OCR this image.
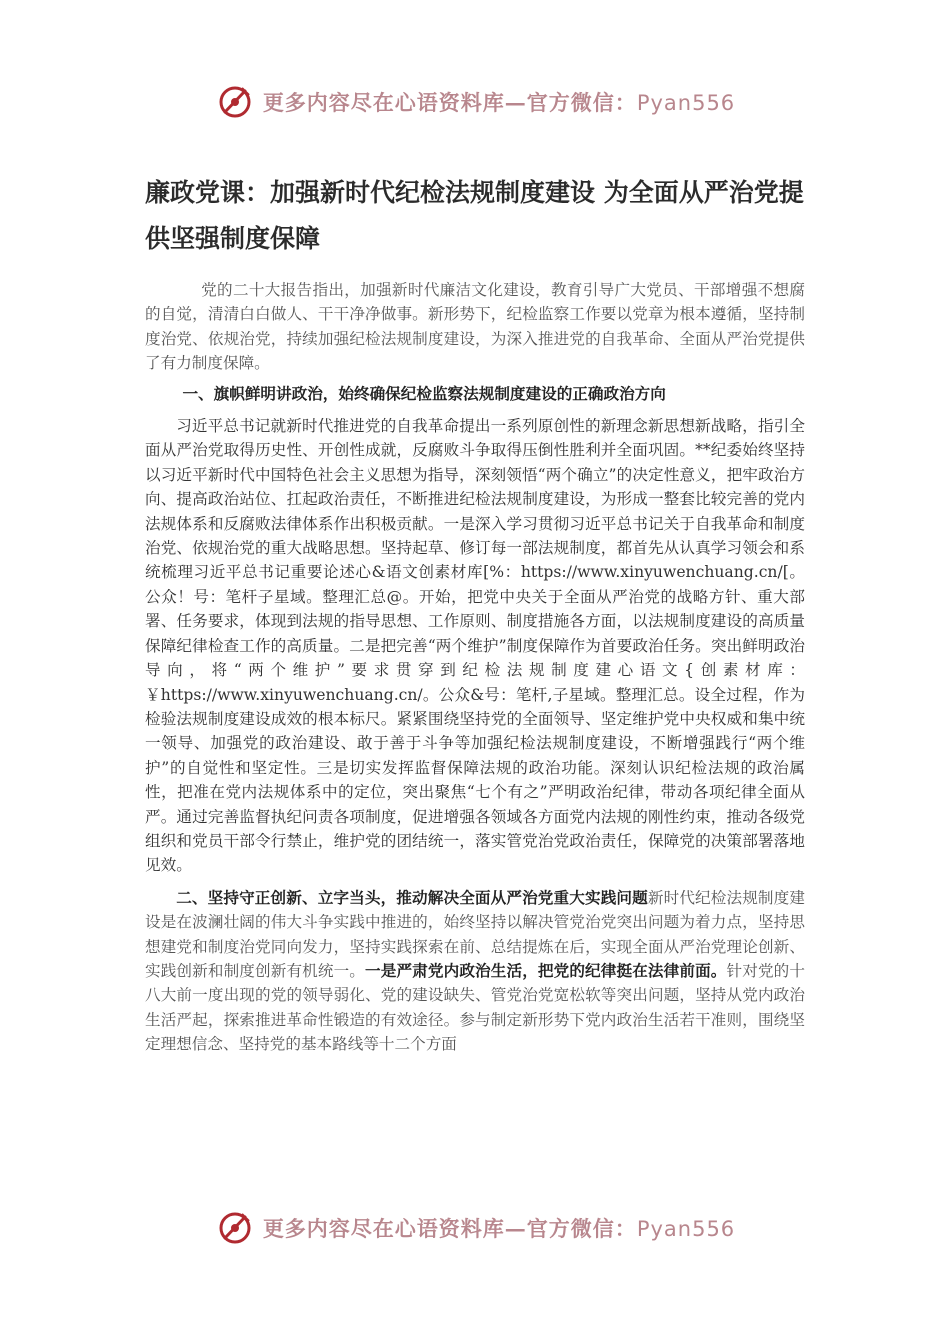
更多内容尽在心语资料库—官方微信：Pyan556
廉政党课：加强新时代纪检法规制度建设 为全面从严治党提供坚强制度保障

党的二十大报告指出，加强新时代廉洁文化建设，教育引导广大党员、干部增强不想腐的自觉，清清白白做人、干干净净做事。新形势下，纪检监察工作要以党章为根本遵循，坚持制度治党、依规治党，持续加强纪检法规制度建设，为深入推进党的自我革命、全面从严治党提供了有力制度保障。

一、旗帜鲜明讲政治，始终确保纪检监察法规制度建设的正确政治方向

习近平总书记就新时代推进党的自我革命提出一系列原创性的新理念新思想新战略，指引全面从严治党取得历史性、开创性成就，反腐败斗争取得压倒性胜利并全面巩固。**纪委始终坚持以习近平新时代中国特色社会主义思想为指导，深刻领悟“两个确立”的决定性意义，把牢政治方向、提高政治站位、扛起政治责任，不断推进纪检法规制度建设，为形成一整套比较完善的党内法规体系和反腐败法律体系作出积极贡献。一是深入学习贯彻习近平总书记关于自我革命和制度治党、依规治党的重大战略思想。坚持起草、修订每一部法规制度，都首先从认真学习领会和系统梳理习近平总书记重要论述心&语文创素材库[%：https://www.xinyuwenchuang.cn/[。公众！号：笔杆子星域。整理汇总@。开始，把党中央关于全面从严治党的战略方针、重大部署、任务要求，体现到法规的指导思想、工作原则、制度措施各方面，以法规制度建设的高质量保障纪律检查工作的高质量。二是把完善“两个维护”制度保障作为首要政治任务。突出鲜明政治导向，将“两个维护”要求贯穿到纪检法规制度建心语文{创素材库：￥https://www.xinyuwenchuang.cn/。公众&号：笔杆,子星域。整理汇总。设全过程，作为检验法规制度建设成效的根本标尺。紧紧围绕坚持党的全面领导、坚定维护党中央权威和集中统一领导、加强党的政治建设、敢于善于斗争等加强纪检法规制度建设，不断增强践行“两个维护”的自觉性和坚定性。三是切实发挥监督保障法规的政治功能。深刻认识纪检法规的政治属性，把准在党内法规体系中的定位，突出聚焦“七个有之”严明政治纪律，带动各项纪律全面从严。通过完善监督执纪问责各项制度，促进增强各领域各方面党内法规的刚性约束，推动各级党组织和党员干部令行禁止，维护党的团结统一，落实管党治党政治责任，保障党的决策部署落地见效。

二、坚持守正创新、立字当头，推动解决全面从严治党重大实践问题新时代纪检法规制度建设是在波澜壮阔的伟大斗争实践中推进的，始终坚持以解决管党治党突出问题为着力点，坚持思想建党和制度治党同向发力，坚持实践探索在前、总结提炼在后，实现全面从严治党理论创新、实践创新和制度创新有机统一。一是严肃党内政治生活，把党的纪律挺在法律前面。针对党的十八大前一度出现的党的领导弱化、党的建设缺失、管党治党宽松软等突出问题，坚持从党内政治生活严起，探索推进革命性锻造的有效途径。参与制定新形势下党内政治生活若干准则，围绕坚定理想信念、坚持党的基本路线等十二个方面

更多内容尽在心语资料库—官方微信：Pyan556
